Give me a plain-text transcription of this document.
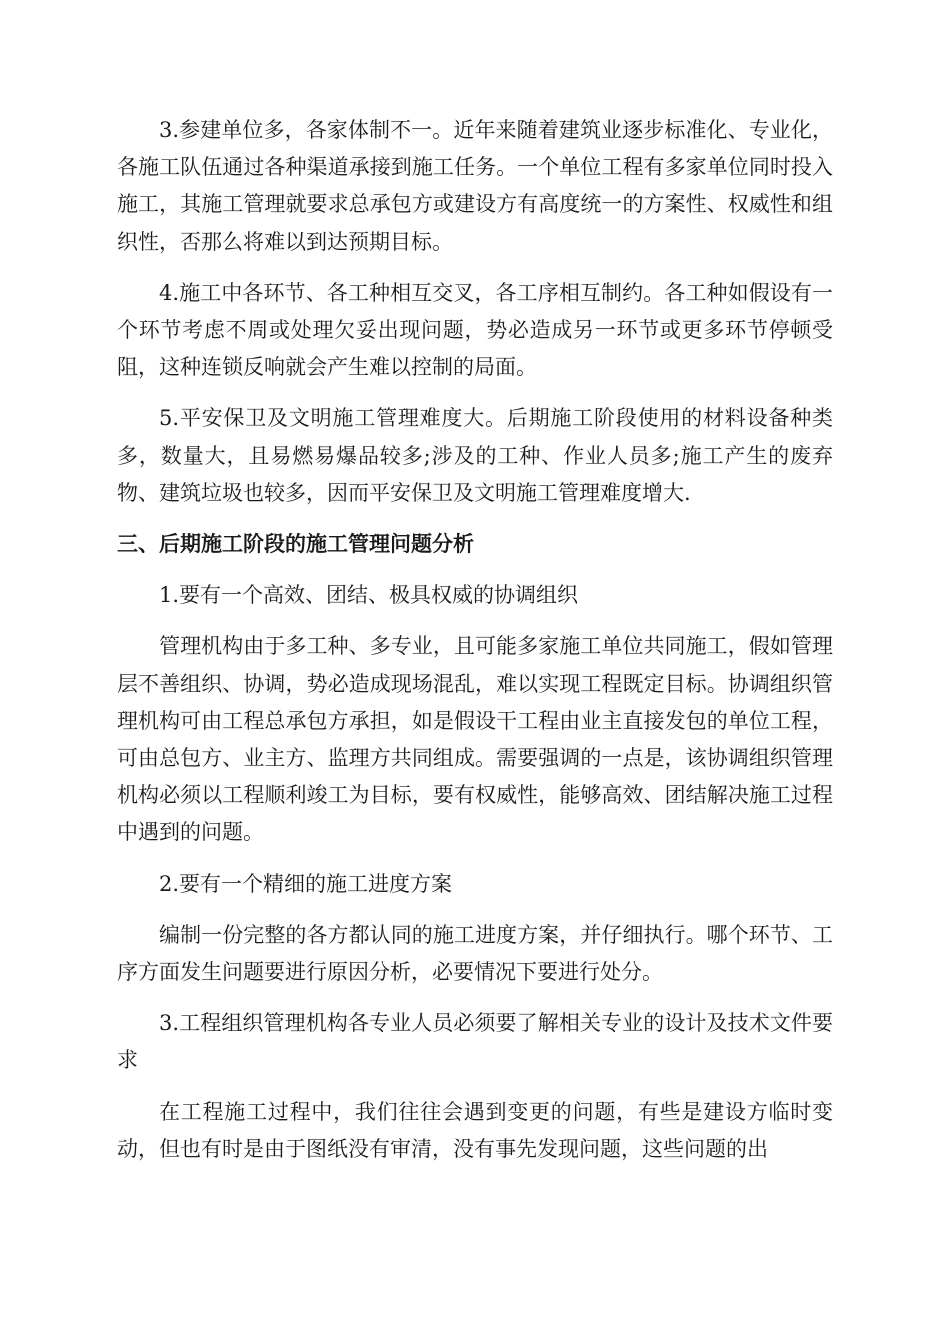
3.参建单位多，各家体制不一。近年来随着建筑业逐步标准化、专业化，各施工队伍通过各种渠道承接到施工任务。一个单位工程有多家单位同时投入施工，其施工管理就要求总承包方或建设方有高度统一的方案性、权威性和组织性，否那么将难以到达预期目标。

4.施工中各环节、各工种相互交叉，各工序相互制约。各工种如假设有一个环节考虑不周或处理欠妥出现问题，势必造成另一环节或更多环节停顿受阻，这种连锁反响就会产生难以控制的局面。

5.平安保卫及文明施工管理难度大。后期施工阶段使用的材料设备种类多，数量大，且易燃易爆品较多;涉及的工种、作业人员多;施工产生的废弃物、建筑垃圾也较多，因而平安保卫及文明施工管理难度增大.

三、后期施工阶段的施工管理问题分析

1.要有一个高效、团结、极具权威的协调组织

管理机构由于多工种、多专业，且可能多家施工单位共同施工，假如管理层不善组织、协调，势必造成现场混乱，难以实现工程既定目标。协调组织管理机构可由工程总承包方承担，如是假设干工程由业主直接发包的单位工程，可由总包方、业主方、监理方共同组成。需要强调的一点是，该协调组织管理机构必须以工程顺利竣工为目标，要有权威性，能够高效、团结解决施工过程中遇到的问题。

2.要有一个精细的施工进度方案

编制一份完整的各方都认同的施工进度方案，并仔细执行。哪个环节、工序方面发生问题要进行原因分析，必要情况下要进行处分。

3.工程组织管理机构各专业人员必须要了解相关专业的设计及技术文件要求

在工程施工过程中，我们往往会遇到变更的问题，有些是建设方临时变动，但也有时是由于图纸没有审清，没有事先发现问题，这些问题的出
